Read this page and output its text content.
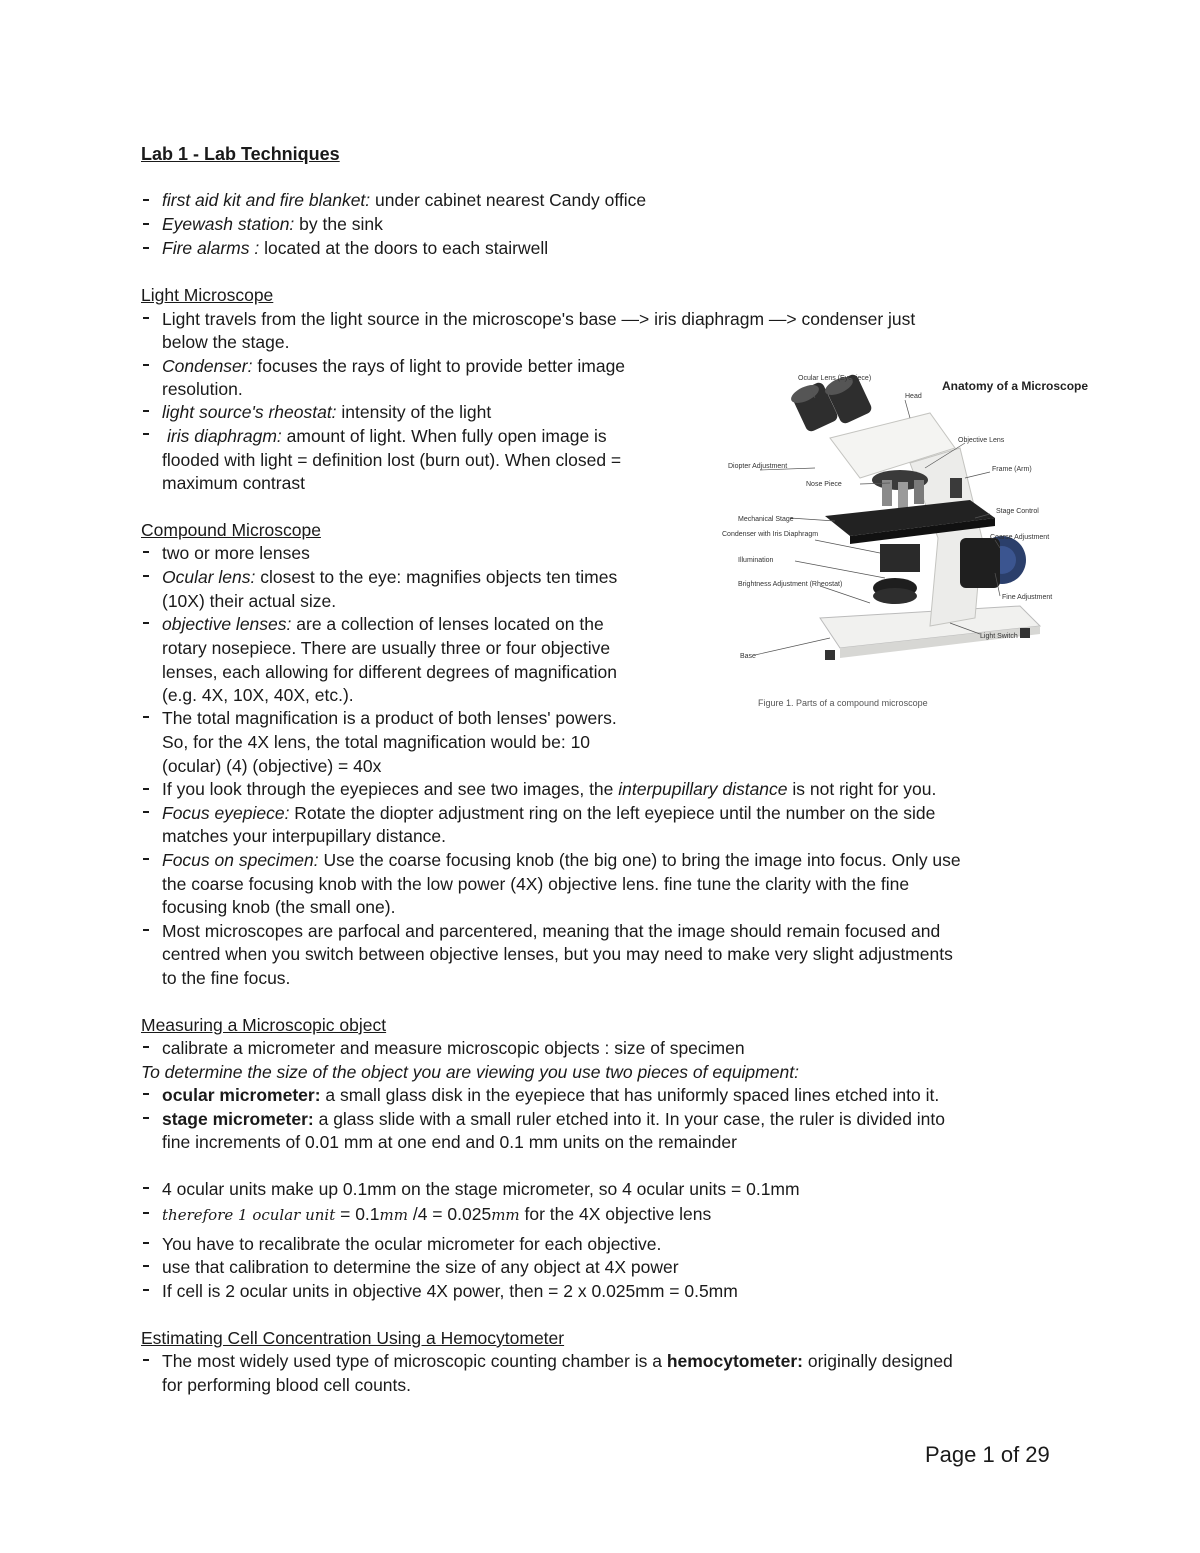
Lab 1 - Lab Techniques
first aid kit and fire blanket: under cabinet nearest Candy office
Eyewash station: by the sink
Fire alarms : located at the doors to each stairwell
Light Microscope
Light travels from the light source in the microscope's base —> iris diaphragm —> condenser just
below the stage.
Condenser: focuses the rays of light to provide better image
resolution.
light source's rheostat: intensity of the light
iris diaphragm: amount of light. When fully open image is
flooded with light = definition lost (burn out). When closed =
maximum contrast
Compound Microscope
two or more lenses
Ocular lens: closest to the eye: magnifies objects ten times
(10X) their actual size.
objective lenses: are a collection of lenses located on the
rotary nosepiece. There are usually three or four objective
lenses, each allowing for different degrees of magnification
(e.g. 4X, 10X, 40X, etc.).
The total magnification is a product of both lenses' powers.
So, for the 4X lens, the total magnification would be: 10
(ocular) (4) (objective) = 40x
If you look through the eyepieces and see two images, the interpupillary distance is not right for you.
Focus eyepiece: Rotate the diopter adjustment ring on the left eyepiece until the number on the side
matches your interpupillary distance.
Focus on specimen: Use the coarse focusing knob (the big one) to bring the image into focus. Only use
the coarse focusing knob with the low power (4X) objective lens. fine tune the clarity with the fine
focusing knob (the small one).
Most microscopes are parfocal and parcentered, meaning that the image should remain focused and
centred when you switch between objective lenses, but you may need to make very slight adjustments
to the fine focus.
Measuring a Microscopic object
calibrate a micrometer and measure microscopic objects : size of specimen
To determine the size of the object you are viewing you use two pieces of equipment:
ocular micrometer: a small glass disk in the eyepiece that has uniformly spaced lines etched into it.
stage micrometer: a glass slide with a small ruler etched into it. In your case, the ruler is divided into
fine increments of 0.01 mm at one end and 0.1 mm units on the remainder
4 ocular units make up 0.1mm on the stage micrometer, so 4 ocular units = 0.1mm
therefore 1 ocular unit = 0.1mm /4 = 0.025mm for the 4X objective lens
You have to recalibrate the ocular micrometer for each objective.
use that calibration to determine the size of any object at 4X power
If cell is 2 ocular units in objective 4X power, then = 2 x 0.025mm = 0.5mm
Estimating Cell Concentration Using a Hemocytometer
The most widely used type of microscopic counting chamber is a hemocytometer: originally designed
for performing blood cell counts.
Anatomy of a Microscope
Ocular Lens (Eyepiece)
Head
Objective Lens
Diopter Adjustment
Nose Piece
Frame (Arm)
Mechanical Stage
Stage Control
Condenser with Iris Diaphragm	Coarse Adjustment
Illumination
Brightness Adjustment (Rheostat)
Fine Adjustment
Base
Light Switch
Figure 1. Parts of a compound microscope
Page 1 of 29
